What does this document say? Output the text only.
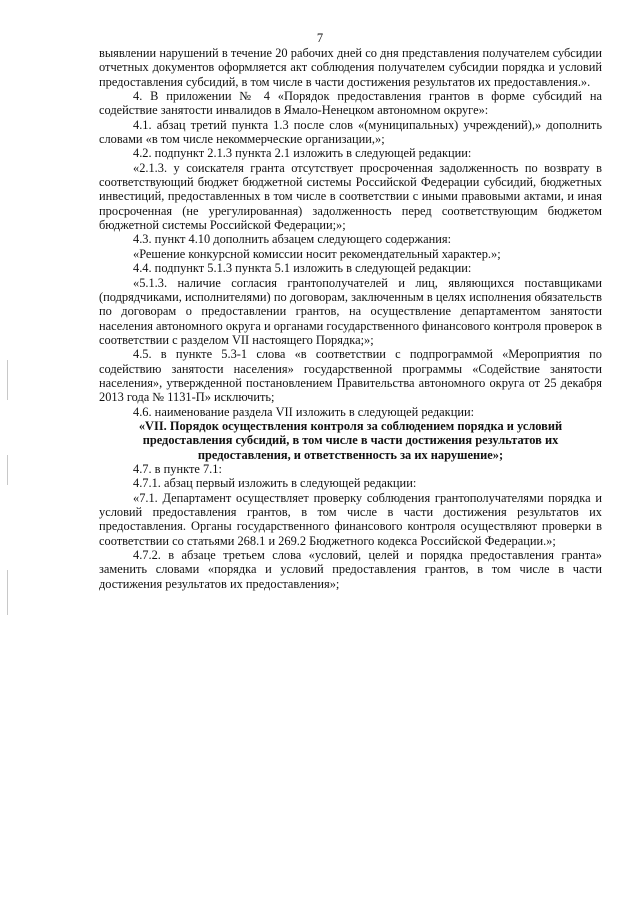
7

выявлении нарушений в течение 20 рабочих дней со дня представления получателем субсидии отчетных документов оформляется акт соблюдения получателем субсидии порядка и условий предоставления субсидий, в том числе в части достижения результатов их предоставления.».

4. В приложении № 4 «Порядок предоставления грантов в форме субсидий на содействие занятости инвалидов в Ямало-Ненецком автономном округе»:

4.1. абзац третий пункта 1.3 после слов «(муниципальных) учреждений),» дополнить словами «в том числе некоммерческие организации,»;

4.2. подпункт 2.1.3 пункта 2.1 изложить в следующей редакции:

«2.1.3. у соискателя гранта отсутствует просроченная задолженность по возврату в соответствующий бюджет бюджетной системы Российской Федерации субсидий, бюджетных инвестиций, предоставленных в том числе в соответствии с иными правовыми актами, и иная просроченная (не урегулированная) задолженность перед соответствующим бюджетом бюджетной системы Российской Федерации;»;

4.3. пункт 4.10 дополнить абзацем следующего содержания:

«Решение конкурсной комиссии носит рекомендательный характер.»;

4.4. подпункт 5.1.3 пункта 5.1 изложить в следующей редакции:

«5.1.3. наличие согласия грантополучателей и лиц, являющихся поставщиками (подрядчиками, исполнителями) по договорам, заключенным в целях исполнения обязательств по договорам о предоставлении грантов, на осуществление департаментом занятости населения автономного округа и органами государственного финансового контроля проверок в соответствии с разделом VII настоящего Порядка;»;

4.5. в пункте 5.3-1 слова «в соответствии с подпрограммой «Мероприятия по содействию занятости населения» государственной программы «Содействие занятости населения», утвержденной постановлением Правительства автономного округа от 25 декабря 2013 года № 1131-П» исключить;

4.6. наименование раздела VII изложить в следующей редакции:

«VII. Порядок осуществления контроля за соблюдением порядка и условий предоставления субсидий, в том числе в части достижения результатов их предоставления, и ответственность за их нарушение»;

4.7. в пункте 7.1:

4.7.1. абзац первый изложить в следующей редакции:

«7.1. Департамент осуществляет проверку соблюдения грантополучателями порядка и условий предоставления грантов, в том числе в части достижения результатов их предоставления. Органы государственного финансового контроля осуществляют проверки в соответствии со статьями 268.1 и 269.2 Бюджетного кодекса Российской Федерации.»;

4.7.2. в абзаце третьем слова «условий, целей и порядка предоставления гранта» заменить словами «порядка и условий предоставления грантов, в том числе в части достижения результатов их предоставления»;
